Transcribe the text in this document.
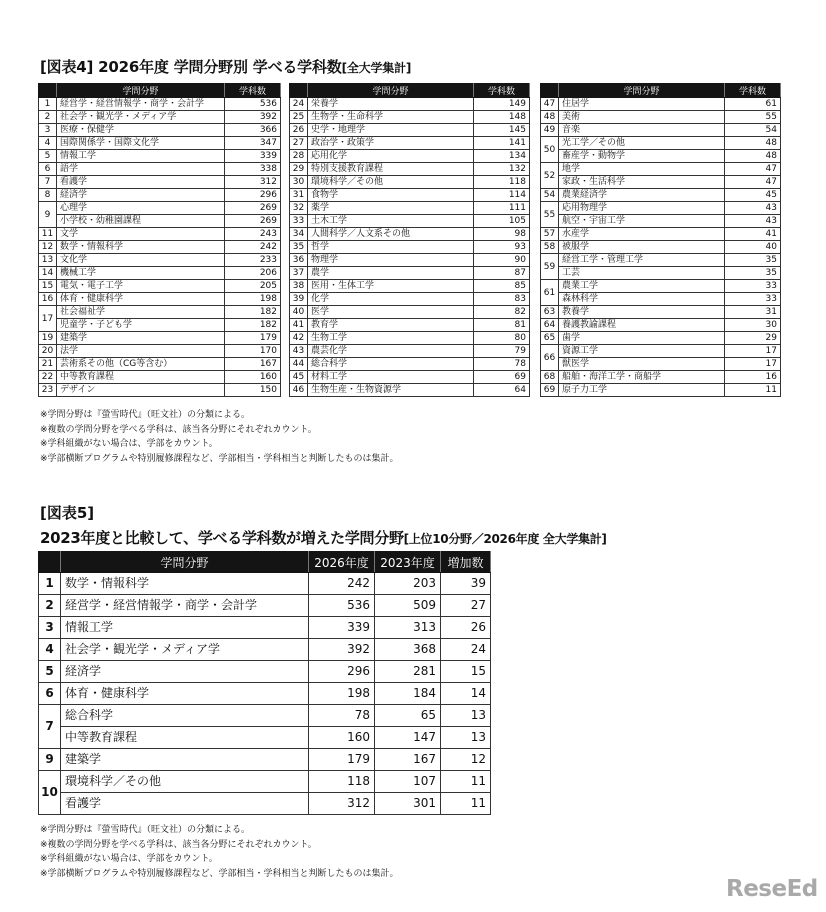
[図表4] 2026年度 学問分野別 学べる学科数[全大学集計]
	学問分野	学科数
1	経営学・経営情報学・商学・会計学	536
2	社会学・観光学・メディア学	392
3	医療・保健学	366
4	国際関係学・国際文化学	347
5	情報工学	339
6	語学	338
7	看護学	312
8	経済学	296
9	心理学	269
	小学校・幼稚園課程	269
11	文学	243
12	数学・情報科学	242
13	文化学	233
14	機械工学	206
15	電気・電子工学	205
16	体育・健康科学	198
17	社会福祉学	182
	児童学・子ども学	182
19	建築学	179
20	法学	170
21	芸術系その他（CG等含む）	167
22	中等教育課程	160
23	デザイン	150
	学問分野	学科数
24	栄養学	149
25	生物学・生命科学	148
26	史学・地理学	145
27	政治学・政策学	141
28	応用化学	134
29	特別支援教育課程	132
30	環境科学／その他	118
31	食物学	114
32	薬学	111
33	土木工学	105
34	人間科学／人文系その他	98
35	哲学	93
36	物理学	90
37	農学	87
38	医用・生体工学	85
39	化学	83
40	医学	82
41	教育学	81
42	生物工学	80
43	農芸化学	79
44	総合科学	78
45	材料工学	69
46	生物生産・生物資源学	64
	学問分野	学科数
47	住居学	61
48	美術	55
49	音楽	54
50	光工学／その他	48
	畜産学・動物学	48
52	地学	47
	家政・生活科学	47
54	農業経済学	45
55	応用物理学	43
	航空・宇宙工学	43
57	水産学	41
58	被服学	40
59	経営工学・管理工学	35
	工芸	35
61	農業工学	33
	森林科学	33
63	教養学	31
64	養護教諭課程	30
65	歯学	29
66	資源工学	17
	獣医学	17
68	船舶・海洋工学・商船学	16
69	原子力工学	11
※学問分野は『螢雪時代』（旺文社）の分類による。
※複数の学問分野を学べる学科は、該当各分野にそれぞれカウント。
※学科組織がない場合は、学部をカウント。
※学部横断プログラムや特別履修課程など、学部相当・学科相当と判断したものは集計。
[図表5]
2023年度と比較して、学べる学科数が増えた学問分野[上位10分野／2026年度 全大学集計]
	学問分野	2026年度	2023年度	増加数
1	数学・情報科学	242	203	39
2	経営学・経営情報学・商学・会計学	536	509	27
3	情報工学	339	313	26
4	社会学・観光学・メディア学	392	368	24
5	経済学	296	281	15
6	体育・健康科学	198	184	14
7	総合科学	78	65	13
	中等教育課程	160	147	13
9	建築学	179	167	12
10	環境科学／その他	118	107	11
	看護学	312	301	11
※学問分野は『螢雪時代』（旺文社）の分類による。
※複数の学問分野を学べる学科は、該当各分野にそれぞれカウント。
※学科組織がない場合は、学部をカウント。
※学部横断プログラムや特別履修課程など、学部相当・学科相当と判断したものは集計。
ReseEd
